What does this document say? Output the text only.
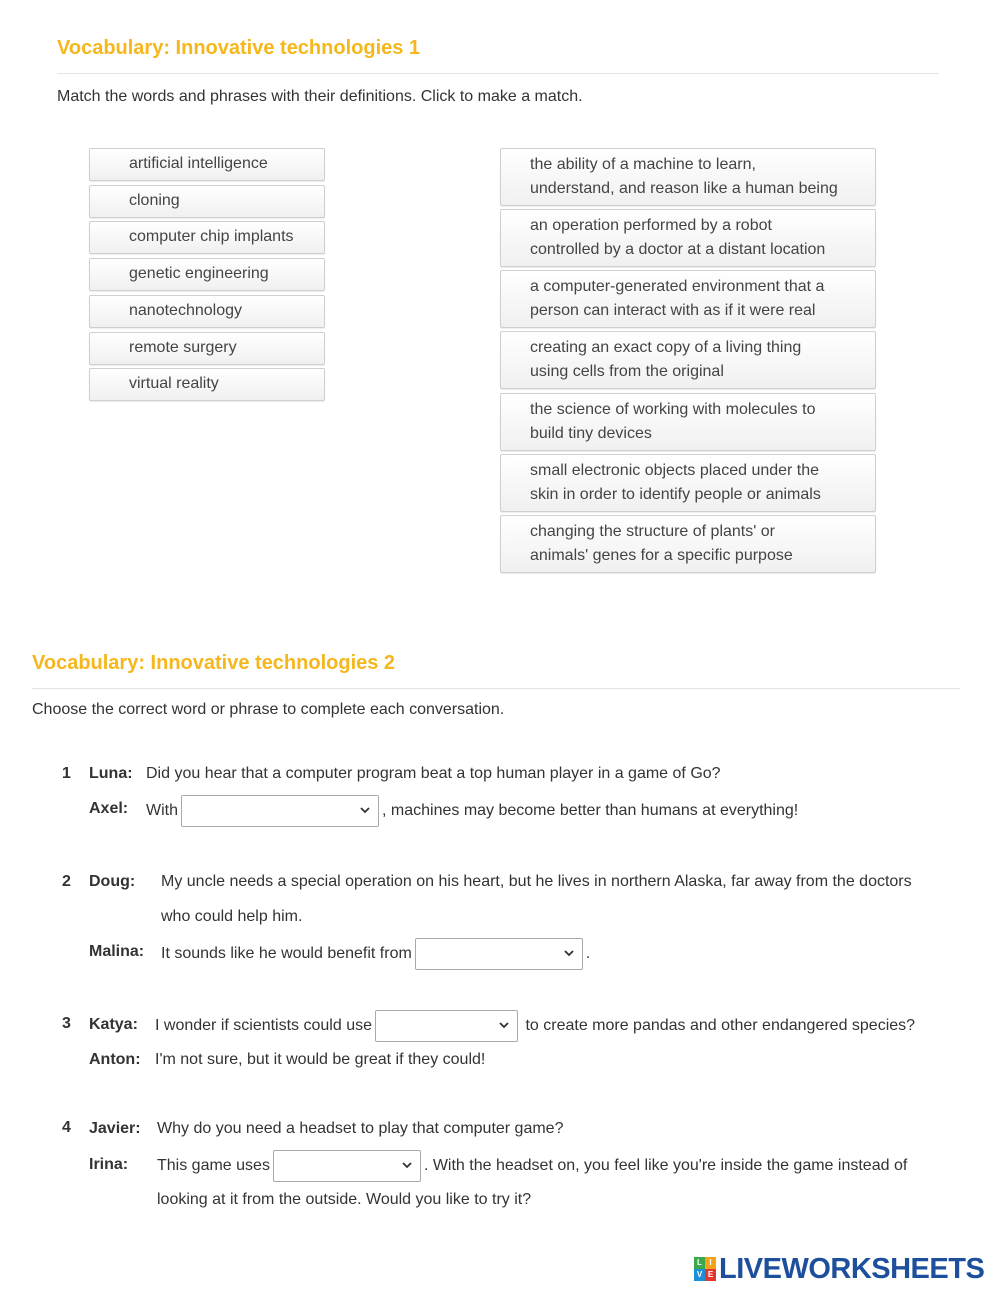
Vocabulary: Innovative technologies 1
Match the words and phrases with their definitions. Click to make a match.
artificial intelligence
cloning
computer chip implants
genetic engineering
nanotechnology
remote surgery
virtual reality
the ability of a machine to learn,
understand, and reason like a human being
an operation performed by a robot
controlled by a doctor at a distant location
a computer-generated environment that a
person can interact with as if it were real
creating an exact copy of a living thing
using cells from the original
the science of working with molecules to
build tiny devices
small electronic objects placed under the
skin in order to identify people or animals
changing the structure of plants' or
animals' genes for a specific purpose
Vocabulary: Innovative technologies 2
Choose the correct word or phrase to complete each conversation.
1 Luna: Did you hear that a computer program beat a top human player in a game of Go?
Axel: With	, machines may become better than humans at everything!
2 Doug: My uncle needs a special operation on his heart, but he lives in northern Alaska, far away from the doctors
who could help him.
Malina: It sounds like he would benefit from	.
3 Katya: I wonder if scientists could use	to create more pandas and other endangered species?
Anton: I'm not sure, but it would be great if they could!
4 Javier: Why do you need a headset to play that computer game?
Irina: This game uses	. With the headset on, you feel like you're inside the game instead of
looking at it from the outside. Would you like to try it?
L I
V E LIVEWORKSHEETS
